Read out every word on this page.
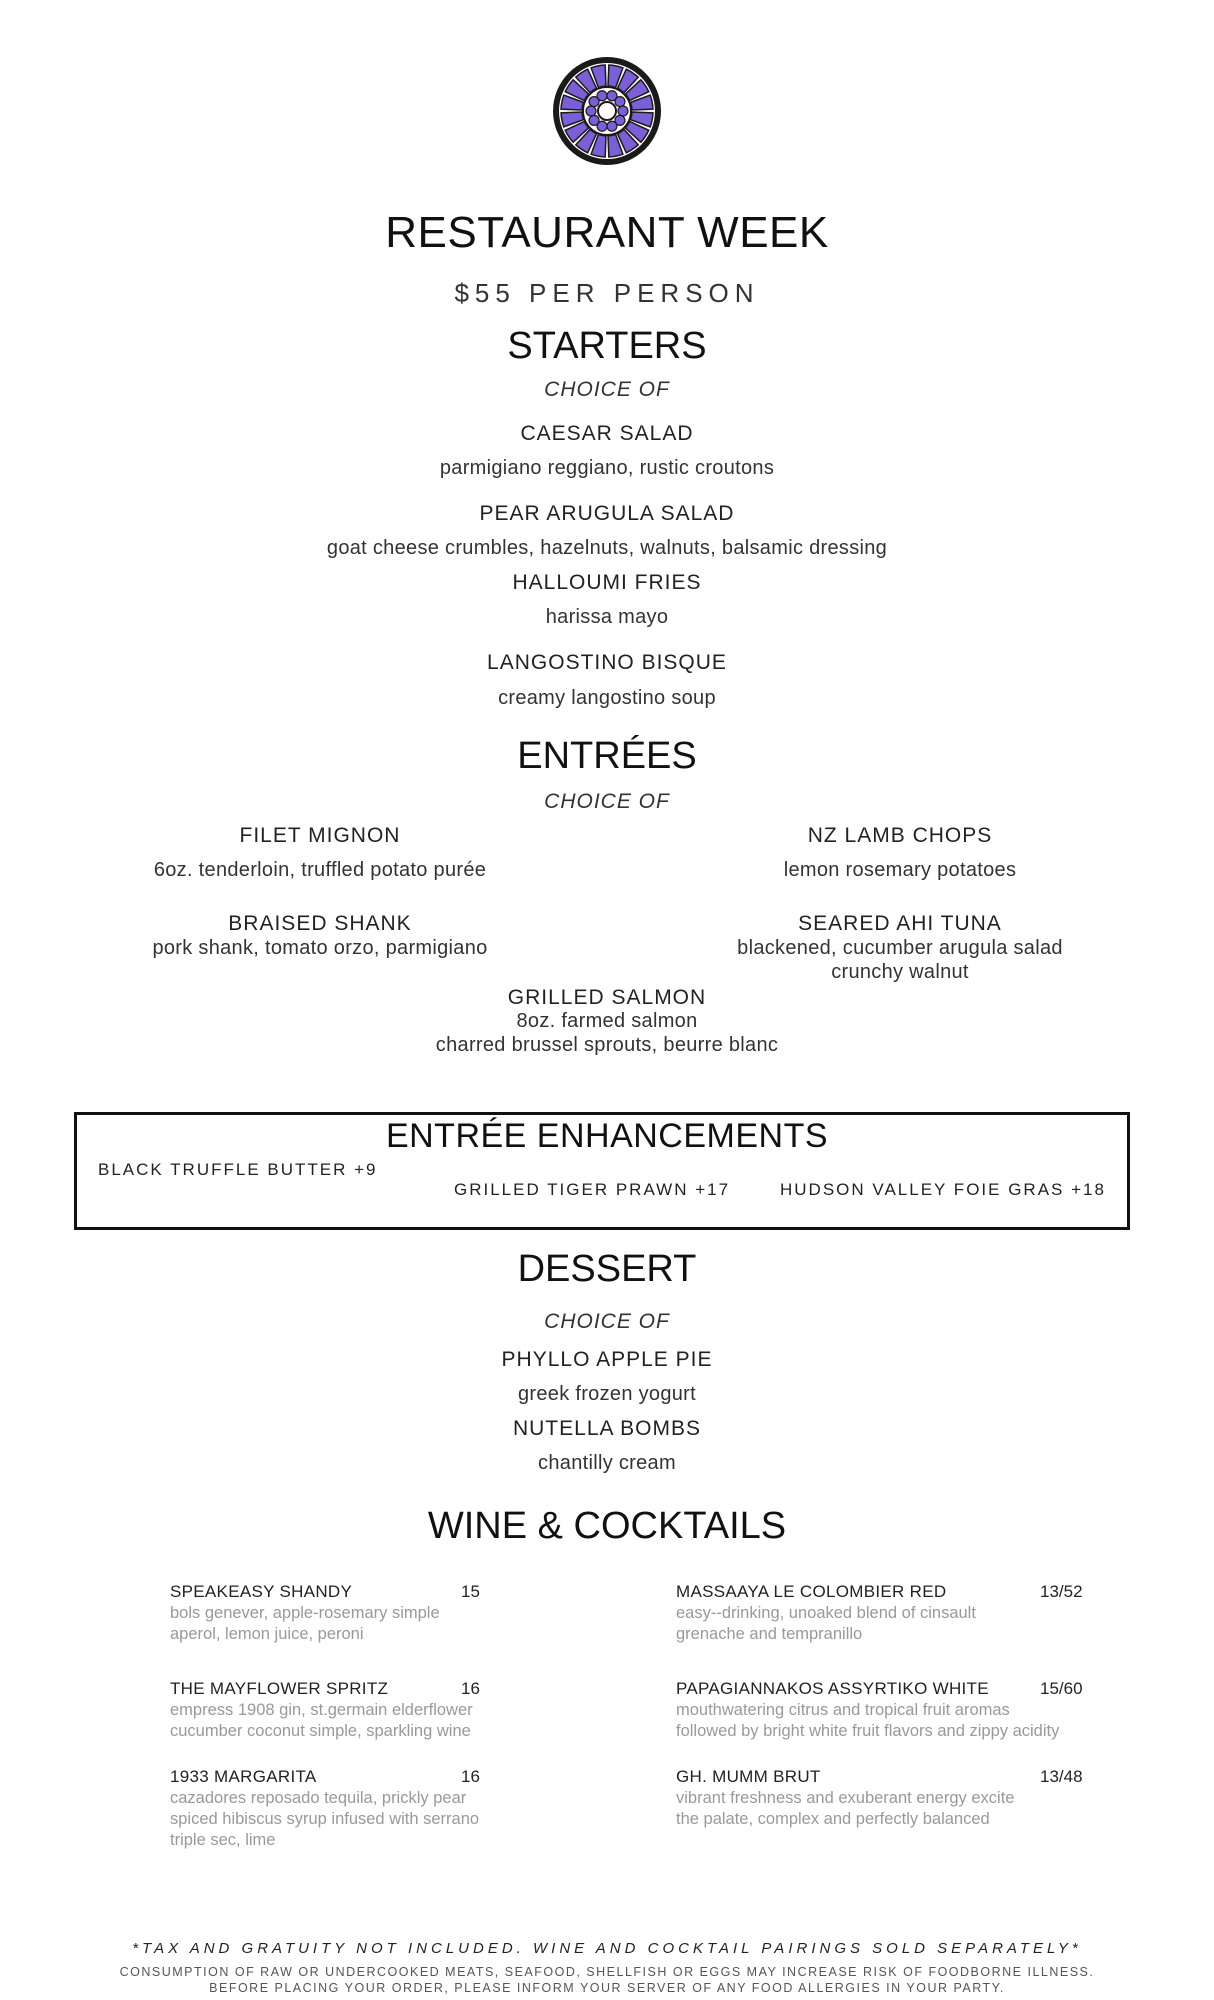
RESTAURANT WEEK
$55 PER PERSON
STARTERS
CHOICE OF
CAESAR SALAD
parmigiano reggiano, rustic croutons
PEAR ARUGULA SALAD
goat cheese crumbles, hazelnuts, walnuts, balsamic dressing
HALLOUMI FRIES
harissa mayo
LANGOSTINO BISQUE
creamy langostino soup
ENTRÉES
CHOICE OF
FILET MIGNON
6oz. tenderloin, truffled potato purée
NZ LAMB CHOPS
lemon rosemary potatoes
BRAISED SHANK
pork shank, tomato orzo, parmigiano
SEARED AHI TUNA
blackened, cucumber arugula salad
crunchy walnut
GRILLED SALMON
8oz. farmed salmon
charred brussel sprouts, beurre blanc
ENTRÉE ENHANCEMENTS
BLACK TRUFFLE BUTTER +9
GRILLED TIGER PRAWN +17	HUDSON VALLEY FOIE GRAS +18
DESSERT
CHOICE OF
PHYLLO APPLE PIE
greek frozen yogurt
NUTELLA BOMBS
chantilly cream
WINE & COCKTAILS
SPEAKEASY SHANDY	15
bols genever, apple-rosemary simple
aperol, lemon juice, peroni
THE MAYFLOWER SPRITZ	16
empress 1908 gin, st.germain elderflower
cucumber coconut simple, sparkling wine
1933 MARGARITA	16
cazadores reposado tequila, prickly pear
spiced hibiscus syrup infused with serrano
triple sec, lime
MASSAAYA LE COLOMBIER RED	13/52
easy--drinking, unoaked blend of cinsault
grenache and tempranillo
PAPAGIANNAKOS ASSYRTIKO WHITE	15/60
mouthwatering citrus and tropical fruit aromas
followed by bright white fruit flavors and zippy acidity
GH. MUMM BRUT	13/48
vibrant freshness and exuberant energy excite
the palate, complex and perfectly balanced
*TAX AND GRATUITY NOT INCLUDED. WINE AND COCKTAIL PAIRINGS SOLD SEPARATELY*
CONSUMPTION OF RAW OR UNDERCOOKED MEATS, SEAFOOD, SHELLFISH OR EGGS MAY INCREASE RISK OF FOODBORNE ILLNESS.
BEFORE PLACING YOUR ORDER, PLEASE INFORM YOUR SERVER OF ANY FOOD ALLERGIES IN YOUR PARTY.
